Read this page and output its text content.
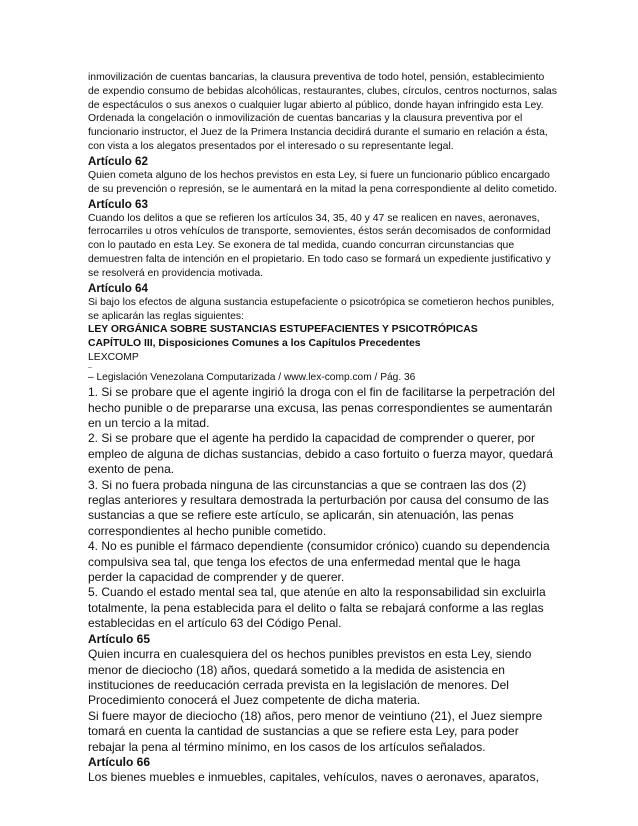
inmovilización de cuentas bancarias, la clausura preventiva de todo hotel, pensión, establecimiento de expendio consumo de bebidas alcohólicas, restaurantes, clubes, círculos, centros nocturnos, salas de espectáculos o sus anexos o cualquier lugar abierto al público, donde hayan infringido esta Ley.

Ordenada la congelación o inmovilización de cuentas bancarias y la clausura preventiva por el funcionario instructor, el Juez de la Primera Instancia decidirá durante el sumario en relación a ésta, con vista a los alegatos presentados por el interesado o su representante legal.

Artículo 62

Quien cometa alguno de los hechos previstos en esta Ley, si fuere un funcionario público encargado de su prevención o represión, se le aumentará en la mitad la pena correspondiente al delito cometido.

Artículo 63

Cuando los delitos a que se refieren los artículos 34, 35, 40 y 47 se realicen en naves, aeronaves, ferrocarriles u otros vehículos de transporte, semovientes, éstos serán decomisados de conformidad con lo pautado en esta Ley. Se exonera de tal medida, cuando concurran circunstancias que demuestren falta de intención en el propietario. En todo caso se formará un expediente justificativo y se resolverá en providencia motivada.

Artículo 64

Si bajo los efectos de alguna sustancia estupefaciente o psicotrópica se cometieron hechos punibles, se aplicarán las reglas siguientes:

LEY ORGÁNICA SOBRE SUSTANCIAS ESTUPEFACIENTES Y PSICOTRÓPICAS

CAPÍTULO III, Disposiciones Comunes a los Capítulos Precedentes

LEXCOMP

–

– Legislación Venezolana Computarizada / www.lex-comp.com / Pág. 36

1. Si se probare que el agente ingirió la droga con el fin de facilitarse la perpetración del hecho punible o de prepararse una excusa, las penas correspondientes se aumentarán en un tercio a la mitad.

2. Si se probare que el agente ha perdido la capacidad de comprender o querer, por empleo de alguna de dichas sustancias, debido a caso fortuito o fuerza mayor, quedará exento de pena.

3. Si no fuera probada ninguna de las circunstancias a que se contraen las dos (2) reglas anteriores y resultara demostrada la perturbación por causa del consumo de las sustancias a que se refiere este artículo, se aplicarán, sin atenuación, las penas correspondientes al hecho punible cometido.

4. No es punible el fármaco dependiente (consumidor crónico) cuando su dependencia compulsiva sea tal, que tenga los efectos de una enfermedad mental que le haga perder la capacidad de comprender y de querer.

5. Cuando el estado mental sea tal, que atenúe en alto la responsabilidad sin excluirla totalmente, la pena establecida para el delito o falta se rebajará conforme a las reglas establecidas en el artículo 63 del Código Penal.

Artículo 65

Quien incurra en cualesquiera del os hechos punibles previstos en esta Ley, siendo menor de dieciocho (18) años, quedará sometido a la medida de asistencia en instituciones de reeducación cerrada prevista en la legislación de menores. Del Procedimiento conocerá el Juez competente de dicha materia.

Si fuere mayor de dieciocho (18) años, pero menor de veintiuno (21), el Juez siempre tomará en cuenta la cantidad de sustancias a que se refiere esta Ley, para poder rebajar la pena al término mínimo, en los casos de los artículos señalados.

Artículo 66

Los bienes muebles e inmuebles, capitales, vehículos, naves o aeronaves, aparatos,
